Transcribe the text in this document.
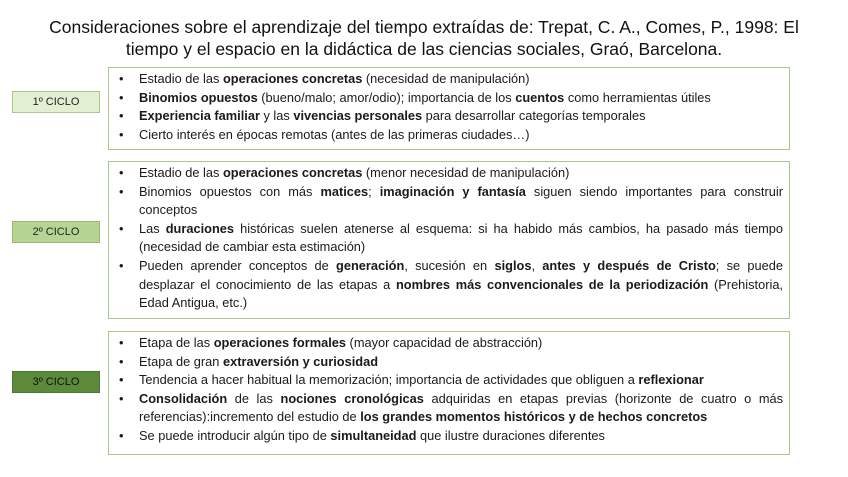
Consideraciones sobre el aprendizaje del tiempo extraídas de: Trepat, C. A., Comes, P., 1998: El
tiempo y el espacio en la didáctica de las ciencias sociales, Graó, Barcelona.
1º CICLO
• Estadio de las operaciones concretas (necesidad de manipulación)
• Binomios opuestos (bueno/malo; amor/odio); importancia de los cuentos como herramientas útiles
• Experiencia familiar y las vivencias personales para desarrollar categorías temporales
• Cierto interés en épocas remotas (antes de las primeras ciudades…)
2º CICLO
• Estadio de las operaciones concretas (menor necesidad de manipulación)
• Binomios opuestos con más matices; imaginación y fantasía siguen siendo importantes para construir conceptos
• Las duraciones históricas suelen atenerse al esquema: si ha habido más cambios, ha pasado más tiempo (necesidad de cambiar esta estimación)
• Pueden aprender conceptos de generación, sucesión en siglos, antes y después de Cristo; se puede desplazar el conocimiento de las etapas a nombres más convencionales de la periodización (Prehistoria, Edad Antigua, etc.)
3º CICLO
• Etapa de las operaciones formales (mayor capacidad de abstracción)
• Etapa de gran extraversión y curiosidad
• Tendencia a hacer habitual la memorización; importancia de actividades que obliguen a reflexionar
• Consolidación de las nociones cronológicas adquiridas en etapas previas (horizonte de cuatro o más referencias):incremento del estudio de los grandes momentos históricos y de hechos concretos
• Se puede introducir algún tipo de simultaneidad que ilustre duraciones diferentes
